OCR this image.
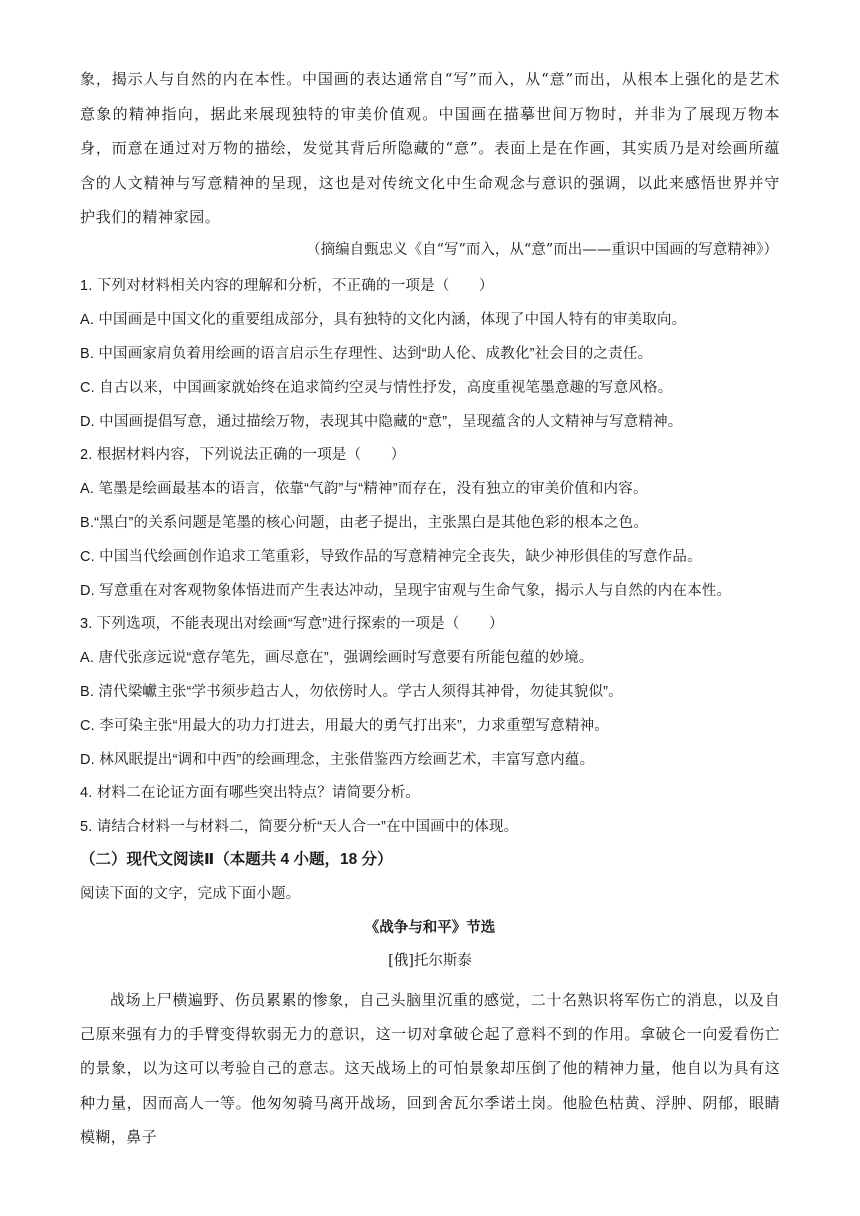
象，揭示人与自然的内在本性。中国画的表达通常自“写”而入，从“意”而出，从根本上强化的是艺术意象的精神指向，据此来展现独特的审美价值观。中国画在描摹世间万物时，并非为了展现万物本身，而意在通过对万物的描绘，发觉其背后所隐藏的“意”。表面上是在作画，其实质乃是对绘画所蕴含的人文精神与写意精神的呈现，这也是对传统文化中生命观念与意识的强调，以此来感悟世界并守护我们的精神家园。
（摘编自甄忠义《自“写”而入，从“意”而出——重识中国画的写意精神》）
1. 下列对材料相关内容的理解和分析，不正确的一项是（　　）
A. 中国画是中国文化的重要组成部分，具有独特的文化内涵，体现了中国人特有的审美取向。
B. 中国画家肩负着用绘画的语言启示生存理性、达到“助人伦、成教化”社会目的之责任。
C. 自古以来，中国画家就始终在追求简约空灵与情性抒发，高度重视笔墨意趣的写意风格。
D. 中国画提倡写意，通过描绘万物，表现其中隐藏的“意”，呈现蕴含的人文精神与写意精神。
2. 根据材料内容，下列说法正确的一项是（　　）
A. 笔墨是绘画最基本的语言，依靠“气韵”与“精神”而存在，没有独立的审美价值和内容。
B.“黑白”的关系问题是笔墨的核心问题，由老子提出，主张黑白是其他色彩的根本之色。
C. 中国当代绘画创作追求工笔重彩，导致作品的写意精神完全丧失，缺少神形俱佳的写意作品。
D. 写意重在对客观物象体悟进而产生表达冲动，呈现宇宙观与生命气象，揭示人与自然的内在本性。
3. 下列选项，不能表现出对绘画“写意”进行探索的一项是（　　）
A. 唐代张彦远说“意存笔先，画尽意在”，强调绘画时写意要有所能包蕴的妙境。
B. 清代梁巘主张“学书须步趋古人，勿依傍时人。学古人须得其神骨，勿徒其貌似”。
C. 李可染主张“用最大的功力打进去，用最大的勇气打出来”，力求重塑写意精神。
D. 林风眠提出“调和中西”的绘画理念，主张借鉴西方绘画艺术，丰富写意内蕴。
4. 材料二在论证方面有哪些突出特点？请简要分析。
5. 请结合材料一与材料二，简要分析“天人合一”在中国画中的体现。
（二）现代文阅读Ⅱ（本题共 4 小题，18 分）
阅读下面的文字，完成下面小题。
《战争与和平》节选
[俄]托尔斯泰
战场上尸横遍野、伤员累累的惨象，自己头脑里沉重的感觉，二十名熟识将军伤亡的消息，以及自己原来强有力的手臂变得软弱无力的意识，这一切对拿破仑起了意料不到的作用。拿破仑一向爱看伤亡的景象，以为这可以考验自己的意志。这天战场上的可怕景象却压倒了他的精神力量，他自以为具有这种力量，因而高人一等。他匆匆骑马离开战场，回到舍瓦尔季诺土岗。他脸色枯黄、浮肿、阴郁，眼睛模糊，鼻子
